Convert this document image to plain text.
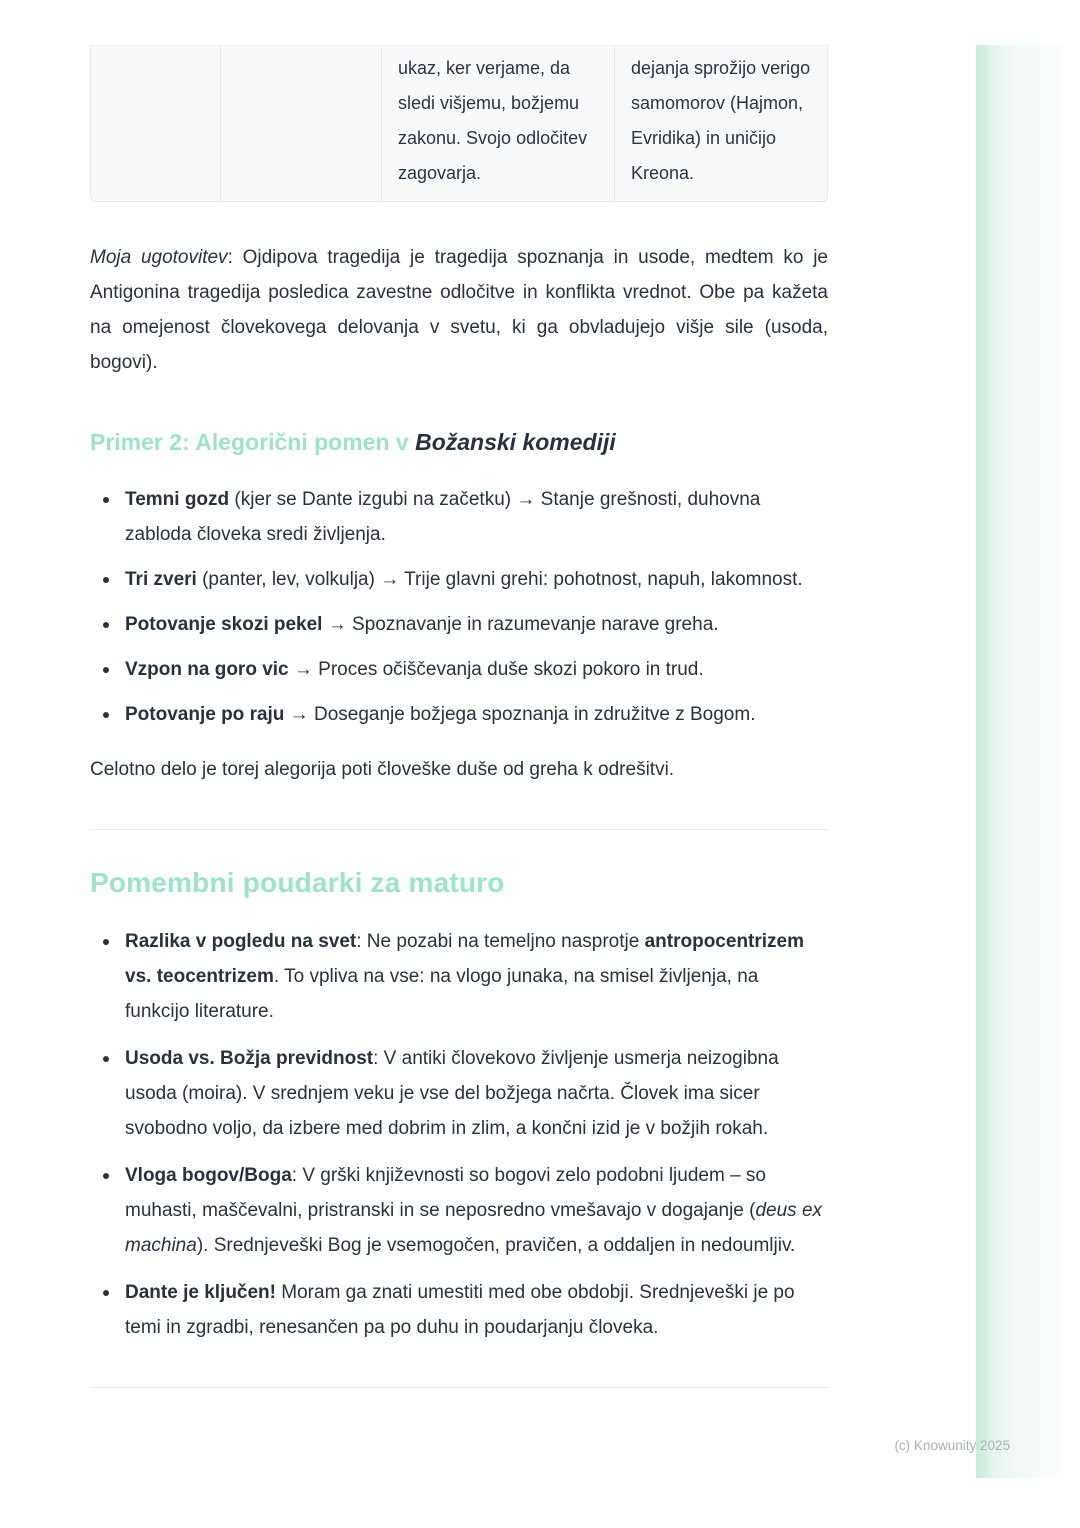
		ukaz, ker verjame, da sledi višjemu, božjemu zakonu. Svojo odločitev zagovarja.	dejanja sprožijo verigo samomorov (Hajmon, Evridika) in uničijo Kreona.

Moja ugotovitev: Ojdipova tragedija je tragedija spoznanja in usode, medtem ko je Antigonina tragedija posledica zavestne odločitve in konflikta vrednot. Obe pa kažeta na omejenost človekovega delovanja v svetu, ki ga obvladujejo višje sile (usoda, bogovi).

Primer 2: Alegorični pomen v Božanski komediji
Temni gozd (kjer se Dante izgubi na začetku) → Stanje grešnosti, duhovna zabloda človeka sredi življenja.
Tri zveri (panter, lev, volkulja) → Trije glavni grehi: pohotnost, napuh, lakomnost.
Potovanje skozi pekel → Spoznavanje in razumevanje narave greha.
Vzpon na goro vic → Proces očiščevanja duše skozi pokoro in trud.
Potovanje po raju → Doseganje božjega spoznanja in združitve z Bogom.

Celotno delo je torej alegorija poti človeške duše od greha k odrešitvi.

Pomembni poudarki za maturo
Razlika v pogledu na svet: Ne pozabi na temeljno nasprotje antropocentrizem vs. teocentrizem. To vpliva na vse: na vlogo junaka, na smisel življenja, na funkcijo literature.
Usoda vs. Božja previdnost: V antiki človekovo življenje usmerja neizogibna usoda (moira). V srednjem veku je vse del božjega načrta. Človek ima sicer svobodno voljo, da izbere med dobrim in zlim, a končni izid je v božjih rokah.
Vloga bogov/Boga: V grški književnosti so bogovi zelo podobni ljudem – so muhasti, maščevalni, pristranski in se neposredno vmešavajo v dogajanje (deus ex machina). Srednjeveški Bog je vsemogočen, pravičen, a oddaljen in nedoumljiv.
Dante je ključen! Moram ga znati umestiti med obe obdobji. Srednjeveški je po temi in zgradbi, renesančen pa po duhu in poudarjanju človeka.
(c) Knowunity 2025
